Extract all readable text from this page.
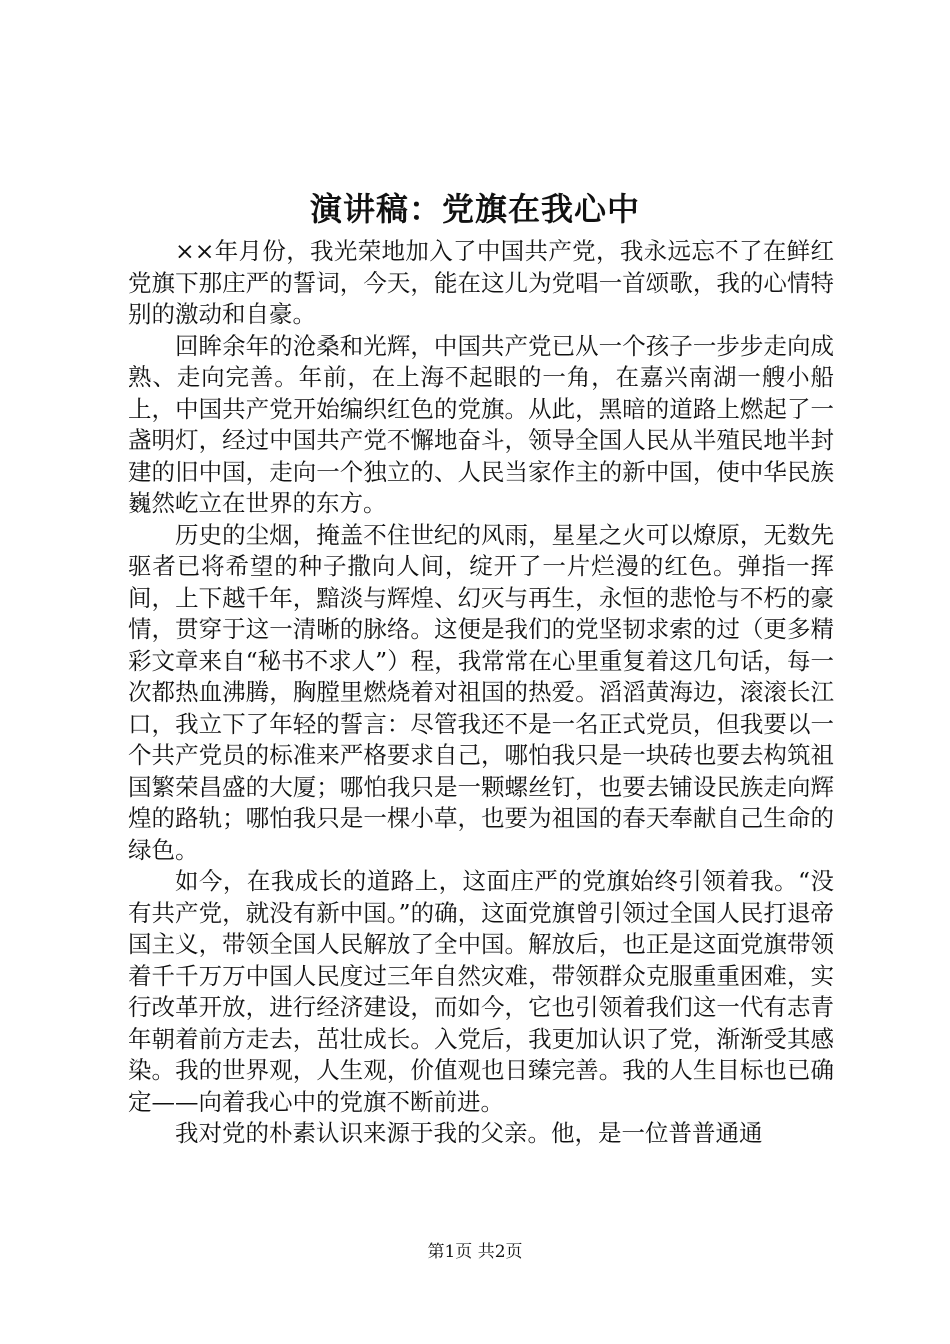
演讲稿：党旗在我心中

××年月份，我光荣地加入了中国共产党，我永远忘不了在鲜红党旗下那庄严的誓词，今天，能在这儿为党唱一首颂歌，我的心情特别的激动和自豪。

回眸余年的沧桑和光辉，中国共产党已从一个孩子一步步走向成熟、走向完善。年前，在上海不起眼的一角，在嘉兴南湖一艘小船上，中国共产党开始编织红色的党旗。从此，黑暗的道路上燃起了一盏明灯，经过中国共产党不懈地奋斗，领导全国人民从半殖民地半封建的旧中国，走向一个独立的、人民当家作主的新中国，使中华民族巍然屹立在世界的东方。

历史的尘烟，掩盖不住世纪的风雨，星星之火可以燎原，无数先驱者已将希望的种子撒向人间，绽开了一片烂漫的红色。弹指一挥间，上下越千年，黯淡与辉煌、幻灭与再生，永恒的悲怆与不朽的豪情，贯穿于这一清晰的脉络。这便是我们的党坚韧求索的过（更多精彩文章来自“秘书不求人”）程，我常常在心里重复着这几句话，每一次都热血沸腾，胸膛里燃烧着对祖国的热爱。滔滔黄海边，滚滚长江口，我立下了年轻的誓言：尽管我还不是一名正式党员，但我要以一个共产党员的标准来严格要求自己，哪怕我只是一块砖也要去构筑祖国繁荣昌盛的大厦；哪怕我只是一颗螺丝钉，也要去铺设民族走向辉煌的路轨；哪怕我只是一棵小草，也要为祖国的春天奉献自己生命的绿色。

如今，在我成长的道路上，这面庄严的党旗始终引领着我。“没有共产党，就没有新中国。”的确，这面党旗曾引领过全国人民打退帝国主义，带领全国人民解放了全中国。解放后，也正是这面党旗带领着千千万万中国人民度过三年自然灾难，带领群众克服重重困难，实行改革开放，进行经济建设，而如今，它也引领着我们这一代有志青年朝着前方走去，茁壮成长。入党后，我更加认识了党，渐渐受其感染。我的世界观，人生观，价值观也日臻完善。我的人生目标也已确定——向着我心中的党旗不断前进。

我对党的朴素认识来源于我的父亲。他，是一位普普通通

第1页 共2页
